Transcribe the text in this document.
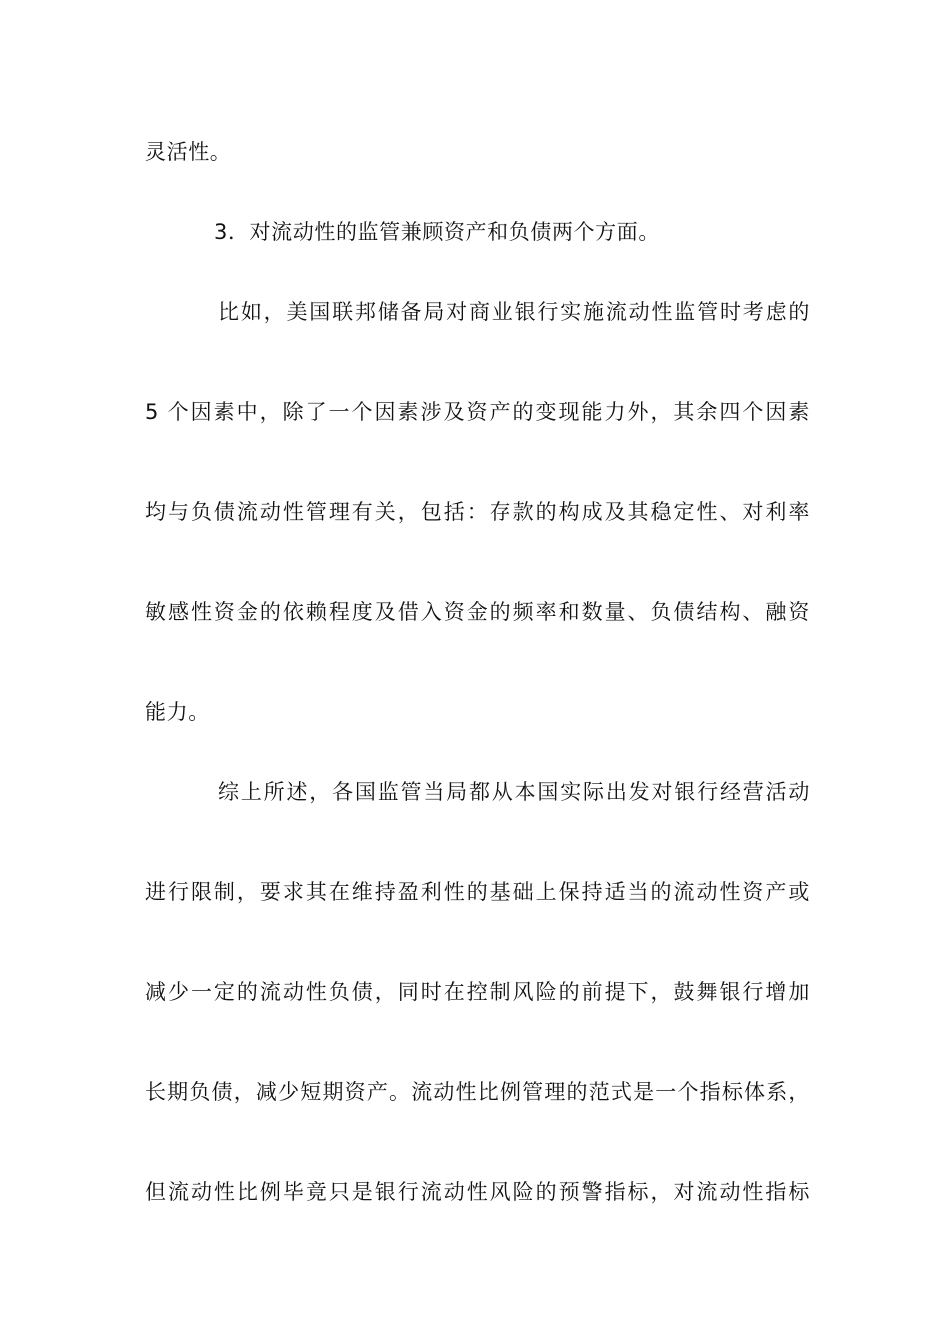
灵活性。
3．对流动性的监管兼顾资产和负债两个方面。
比如，美国联邦储备局对商业银行实施流动性监管时考虑的
5 个因素中，除了一个因素涉及资产的变现能力外，其余四个因素
均与负债流动性管理有关，包括：存款的构成及其稳定性、对利率
敏感性资金的依赖程度及借入资金的频率和数量、负债结构、融资
能力。
综上所述，各国监管当局都从本国实际出发对银行经营活动
进行限制，要求其在维持盈利性的基础上保持适当的流动性资产或
减少一定的流动性负债，同时在控制风险的前提下，鼓舞银行增加
长期负债，减少短期资产。流动性比例管理的范式是一个指标体系，
但流动性比例毕竟只是银行流动性风险的预警指标，对流动性指标
